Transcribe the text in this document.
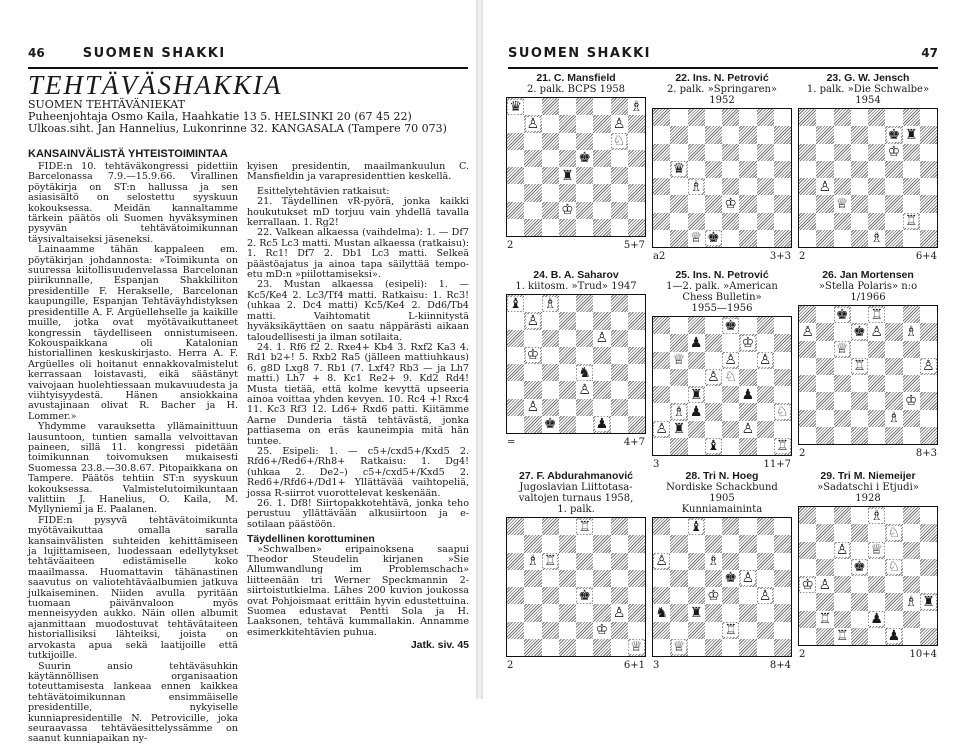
46	SUOMEN SHAKKI
TEHTÄVÄSHAKKIA
SUOMEN TEHTÄVÄNIEKAT
Puheenjohtaja Osmo Kaila, Haahkatie 13 5. HELSINKI 20 (67 45 22)
Ulkoas.siht. Jan Hannelius, Lukonrinne 32. KANGASALA (Tampere 70 073)
KANSAINVÄLISTÄ YHTEISTOIMINTAA

FIDE:n 10. tehtäväkongressi pidettiin Barcelonassa 7.9.—15.9.66. Virallinen pöytäkirja on ST:n hallussa ja sen asiasisältö on selostettu syyskuun kokouksessa. Meidän kannaltamme tärkein päätös oli Suomen hyväksyminen pysyvän tehtävätoimikunnan täysivaltaiseksi jäseneksi.

Lainaamme tähän kappaleen em. pöytäkirjan johdannosta: »Toimikunta on suuressa kiitollisuudenvelassa Barcelonan piirikunnalle, Espanjan Shakkiliiton presidentille F. Herakselle, Barcelonan kaupungille, Espanjan Tehtäväyhdistyksen presidentille A. F. Argüellehselle ja kaikille muille, jotka ovat myötävaikuttaneet kongressin täydelliseen onnistumiseen. Kokouspaikkana oli Katalonian historiallinen keskuskirjasto. Herra A. F. Argüelles oli hoitanut ennakkovalmistelut kerrassaan loistavasti, eikä säästänyt vaivojaan huolehtiessaan mukavuudesta ja viihtyisyydestä. Hänen ansiokkaina avustajinaan olivat R. Bacher ja H. Lommer.»

Yhdymme varauksetta yllämainittuun lausuntoon, tuntien samalla velvoittavan paineen, sillä 11. kongressi pidetään toimikunnan toivomuksen mukaisesti Suomessa 23.8.—30.8.67. Pitopaikkana on Tampere. Päätös tehtiin ST:n syyskuun kokouksessa. Valmistelutoimikuntaan valittiin J. Hanelius, O. Kaila, M. Myllyniemi ja E. Paalanen.

FIDE:n pysyvä tehtävätoimikunta myötävaikuttaa omalla saralla kansainvälisten suhteiden kehittämiseen ja lujittamiseen, luodessaan edellytykset tehtäväaiteen edistämiselle koko maailmassa. Huomattavin tähänastinen saavutus on valiotehtäväalbumien jatkuva julkaiseminen. Niiden avulla pyritään tuomaan päivänvaloon myös menneisyyden aukko. Näin ollen albumit ajanmittaan muodostuvat tehtävätaiteen historiallisiksi lähteiksi, joista on arvokasta apua sekä laatijoille että tutkijoille.

Suurin ansio tehtäväsuhkin käytännöllisen organisaation toteuttamisesta lankeaa ennen kaikkea tehtävätoimikunnan ensimmäiselle presidentille, nykyiselle kunniapresidentille N. Petrovicille, joka seuraavassa tehtäväesittelyssämme on saanut kunniapaikan ny-

kyisen presidentin, maailmankuulun C. Mansfieldin ja varapresidenttien keskellä.

Esittelytehtävien ratkaisut:

21. Täydellinen vR-pyörä, jonka kaikki houkutukset mD torjuu vain yhdellä tavalla kerrallaan. 1. Rg2!

22. Valkean alkaessa (vaihdelma): 1. — Df7 2. Rc5 Lc3 matti. Mustan alkaessa (ratkaisu): 1. Rc1! Df7 2. Db1 Lc3 matti. Selkeä päästöajatus ja ainoa tapa säilyttää tempo-etu mD:n »piilottamiseksi».

23. Mustan alkaessa (esipeli): 1. — Kc5/Ke4 2. Lc3/Tf4 matti. Ratkaisu: 1. Rc3! (uhkaa 2. Dc4 matti) Kc5/Ke4 2. Dd6/Tb4 matti. Vaihtomatit L-kiinnitystä hyväksikäyttäen on saatu näppärästi aikaan taloudellisesti ja ilman sotilaita.

24. 1. Rf6 f2 2. Rxe4+ Kb4 3. Rxf2 Ka3 4. Rd1 b2+! 5. Rxb2 Ra5 (jälleen mattiuhkaus) 6. g8D Lxg8 7. Rb1 (7. Lxf4? Rb3 — ja Lh7 matti.) Lh7 + 8. Kc1 Re2+ 9. Kd2 Rd4! Musta tietää, että kolme kevyttä upseeria ainoa voittaa yhden kevyen. 10. Rc4 +! Rxc4 11. Kc3 Rf3 12. Ld6+ Rxd6 patti. Kiitämme Aarne Dunderia tästä tehtävästä, jonka pattiasema on eräs kauneimpia mitä hän tuntee.

25. Esipeli: 1. — c5+/cxd5+/Kxd5 2. Rfd6+/Red6+/Rh8+ Ratkaisu: 1. Dg4! (uhkaa 2. De2–) c5+/cxd5+/Kxd5 2. Red6+/Rfd6+/Dd1+ Yllättävää vaihtopeliä, jossa R-siirrot vuorottelevat keskenään.

26. 1. Df8! Siirtopakkotehtävä, jonka teho perustuu yllättävään alkusiirtoon ja e-sotilaan päästöön.

Täydellinen korottuminen

»Schwalben» eripainoksena saapui Theodor Steudelin kirjanen »Sie Allumwandlung im Problemschach» liitteenään tri Werner Speckmannin 2-siirtoistutkielma. Lähes 200 kuvion joukossa ovat Pohjoismaat erittäin hyvin edustettuina. Suomea edustavat Pentti Sola ja H. Laaksonen, tehtävä kummallakin. Annamme esimerkkitehtävien puhua.

Jatk. siv. 45
SUOMEN SHAKKI	47
21. C. Mansfield
2. palk. BCPS 1958
♛	♗
♙	♙
♘
♚
♜
♔
2	5+7
22. Ins. N. Petrović
2. palk. »Springaren»
1952
♛
♗
♔
♕ ♚
a2	3+3
23. G. W. Jensch
1. palk. »Die Schwalbe»
1954
♚ ♜
♔
♙
♕
♖
♗
2	6+4
24. B. A. Saharov
1. kiitosm. »Trud» 1947
♝ ♗
♙
♙
♔
♞
♙
♙
♚	♟
=	4+7
25. Ins. N. Petrović
1—2. palk. »American
Chess Bulletin»
1955—1956
♚
♟	♔
♕	♙ ♙
♙ ♘
♜	♟
♗ ♟	♘
♙ ♜	♙
♝	♖
3	11+7
26. Jan Mortensen
»Stella Polaris» n:o
1/1966
♚ ♖
♙	♚ ♙ ♗
♕
♖	♙
♔
♗
2	8+3
27. F. Abdurahmanović
Jugoslavian Liittotasa-
valtojen turnaus 1958,
1. palk.
♖
♗ ♖
♚
♙
♔
♕
2	6+1
28. Tri N. Hoeg
Nordiske Schackbund
1905
Kunniamaininta
♝
♙	♗
♚ ♙
♔	♙
♞ ♜
♖
♕
3	8+4
29. Tri M. Niemeijer
»Sadatschi i Etjudi»
1928
♗
♘
♙ ♕
♚ ♘
♔ ♙
♗ ♜
♖	♟
♖	♟
2	10+4
